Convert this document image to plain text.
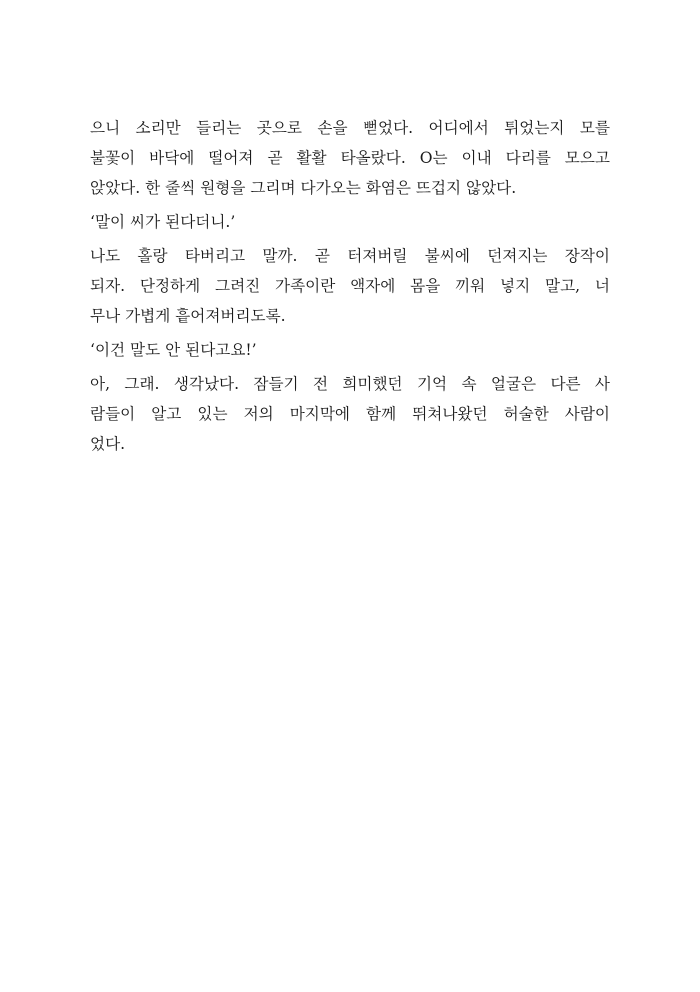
으니 소리만 들리는 곳으로 손을 뻗었다. 어디에서 튀었는지 모를
불꽃이 바닥에 떨어져 곧 활활 타올랐다. O는 이내 다리를 모으고
앉았다. 한 줄씩 원형을 그리며 다가오는 화염은 뜨겁지 않았다.
‘말이 씨가 된다더니.’
나도 홀랑 타버리고 말까. 곧 터져버릴 불씨에 던져지는 장작이
되자. 단정하게 그려진 가족이란 액자에 몸을 끼워 넣지 말고, 너
무나 가볍게 흩어져버리도록.
‘이건 말도 안 된다고요!’
아, 그래. 생각났다. 잠들기 전 희미했던 기억 속 얼굴은 다른 사
람들이 알고 있는 저의 마지막에 함께 뛰쳐나왔던 허술한 사람이
었다.
